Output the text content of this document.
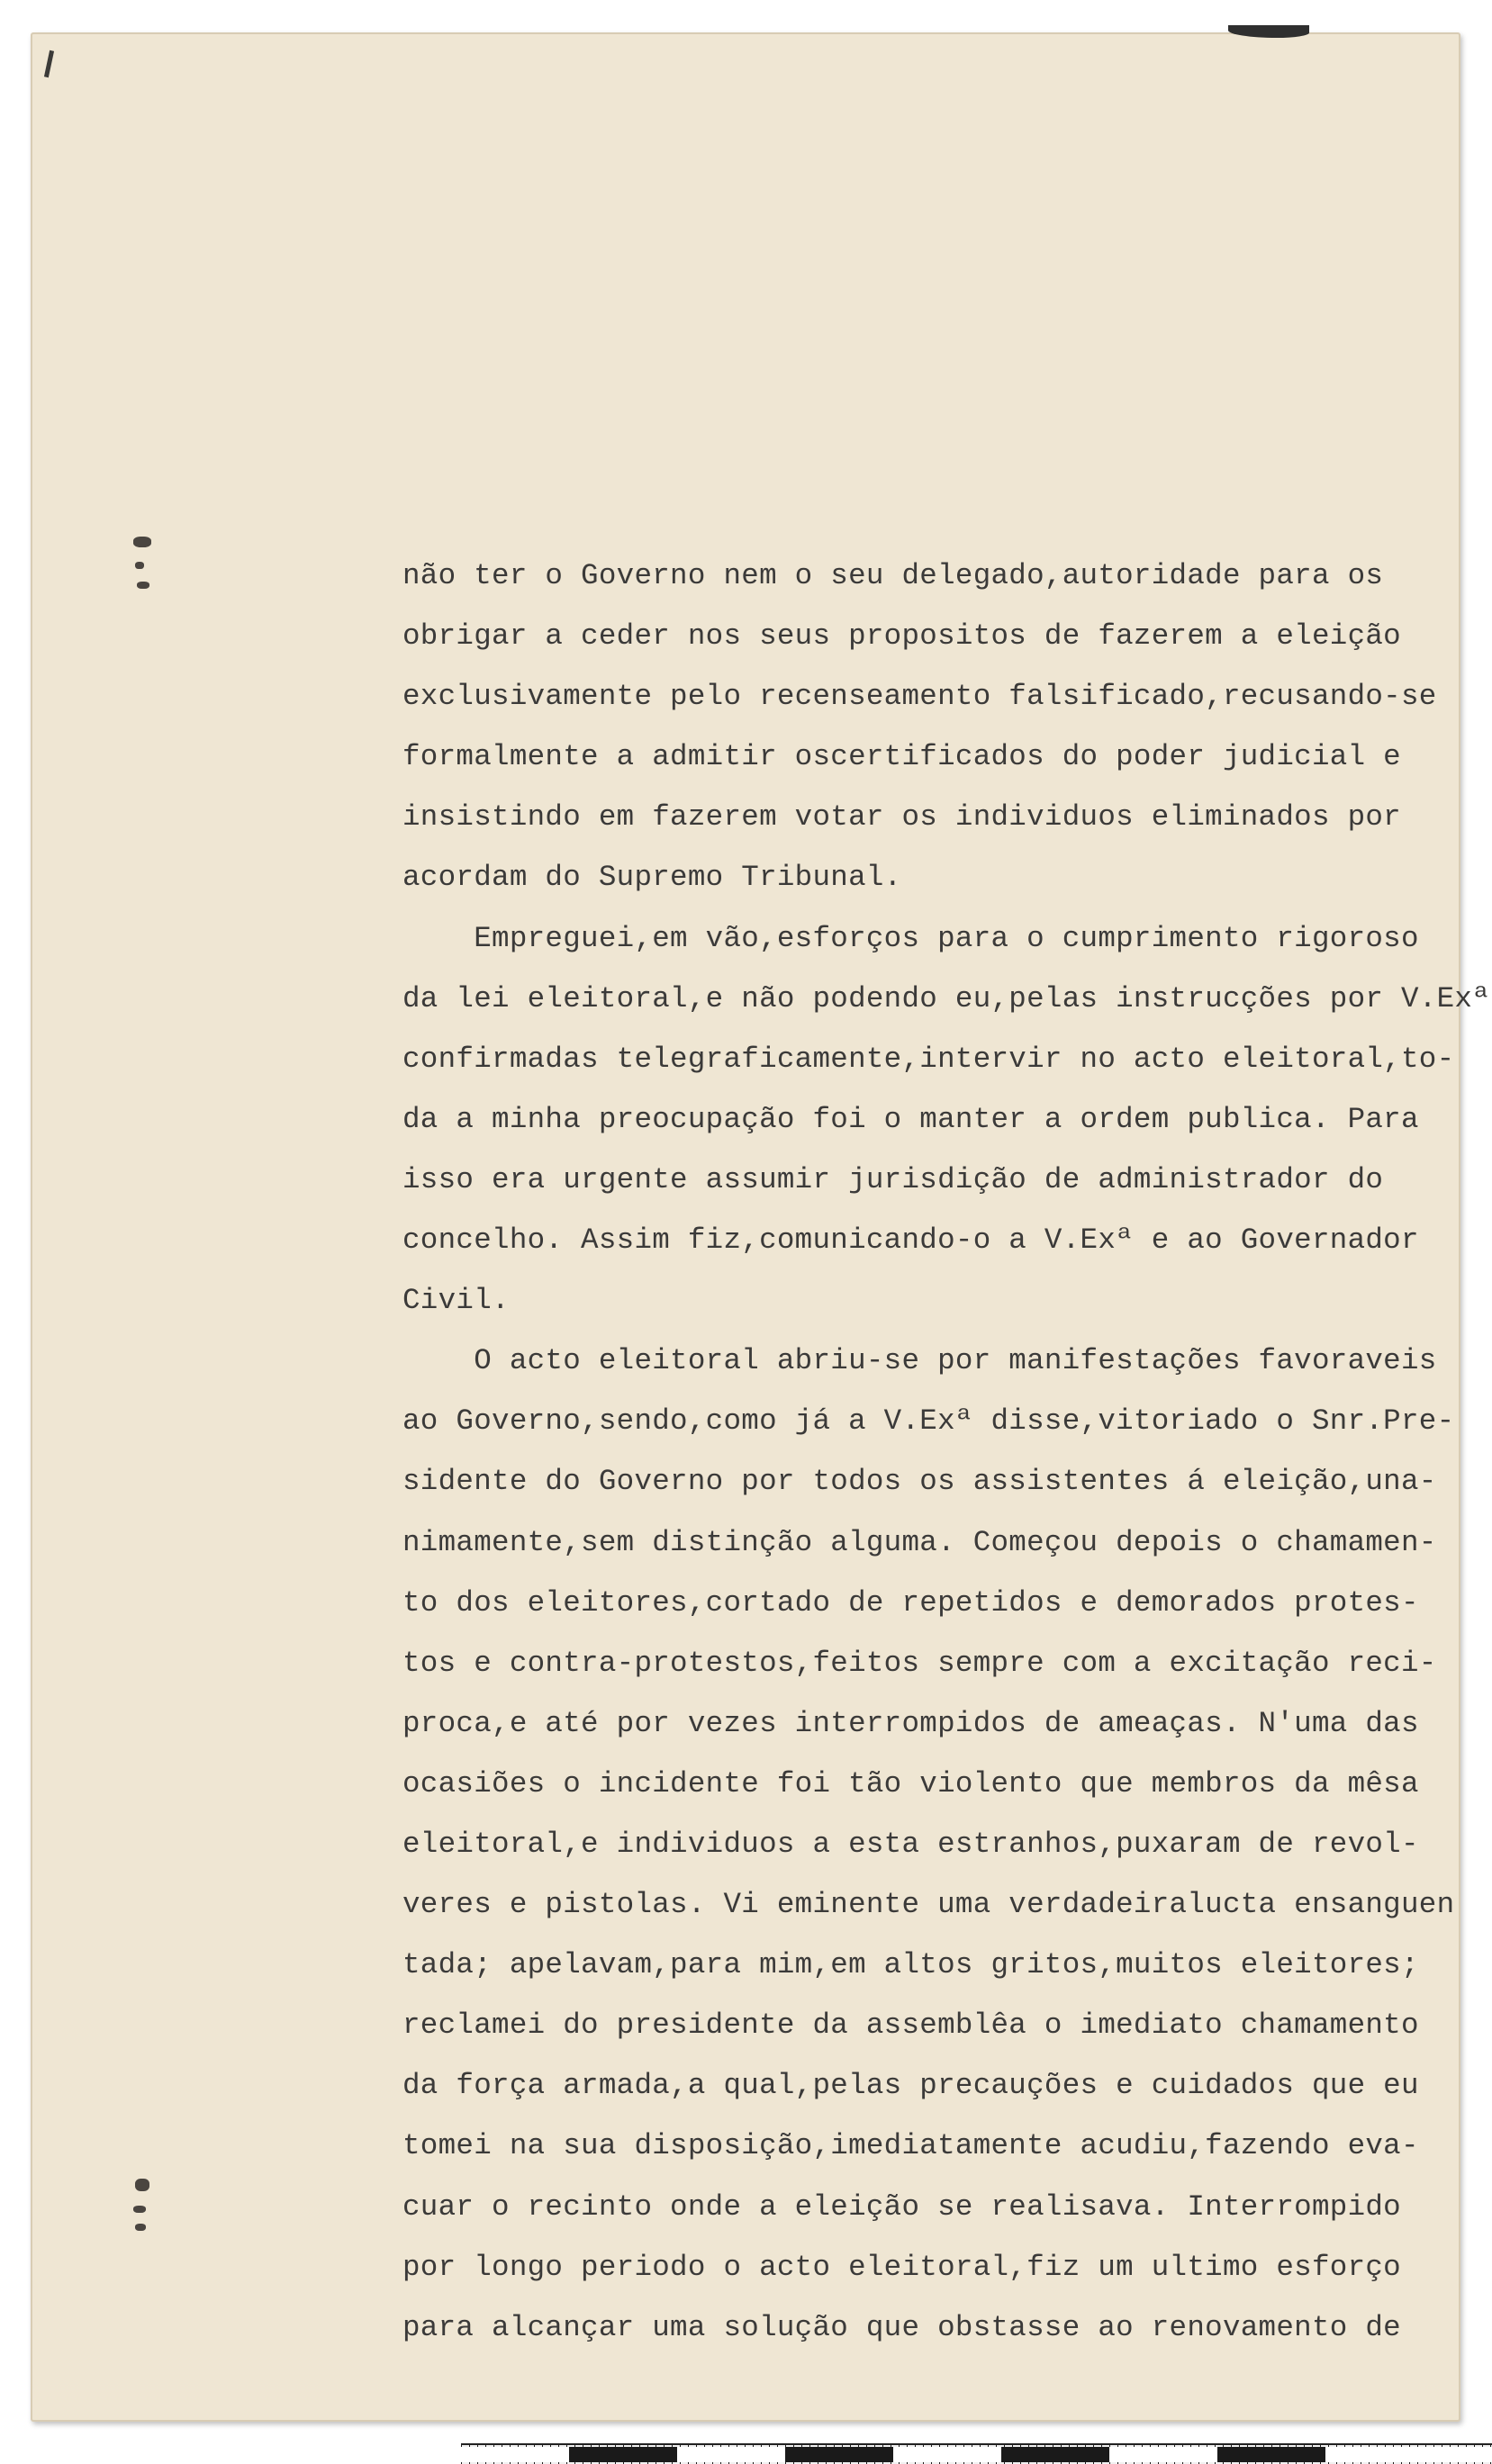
não ter o Governo nem o seu delegado,autoridade para os

obrigar a ceder nos seus propositos de fazerem a eleição

exclusivamente pelo recenseamento falsificado,recusando-se

formalmente a admitir oscertificados do poder judicial e

insistindo em fazerem votar os individuos eliminados por

acordam do Supremo Tribunal.

Empreguei,em vão,esforços para o cumprimento rigoroso

da lei eleitoral,e não podendo eu,pelas instrucções por V.Exª

confirmadas telegraficamente,intervir no acto eleitoral,to-

da a minha preocupação foi o manter a ordem publica. Para

isso era urgente assumir jurisdição de administrador do

concelho. Assim fiz,comunicando-o a V.Exª e ao Governador

Civil.

O acto eleitoral abriu-se por manifestações favoraveis

ao Governo,sendo,como já a V.Exª disse,vitoriado o Snr.Pre-

sidente do Governo por todos os assistentes á eleição,una-

nimamente,sem distinção alguma. Começou depois o chamamen-

to dos eleitores,cortado de repetidos e demorados protes-

tos e contra-protestos,feitos sempre com a excitação reci-

proca,e até por vezes interrompidos de ameaças. N'uma das

ocasiões o incidente foi tão violento que membros da mêsa

eleitoral,e individuos a esta estranhos,puxaram de revol-

veres e pistolas. Vi eminente uma verdadeiralucta ensanguen

tada; apelavam,para mim,em altos gritos,muitos eleitores;

reclamei do presidente da assemblêa o imediato chamamento

da força armada,a qual,pelas precauções e cuidados que eu

tomei na sua disposição,imediatamente acudiu,fazendo eva-

cuar o recinto onde a eleição se realisava. Interrompido

por longo periodo o acto eleitoral,fiz um ultimo esforço

para alcançar uma solução que obstasse ao renovamento de
